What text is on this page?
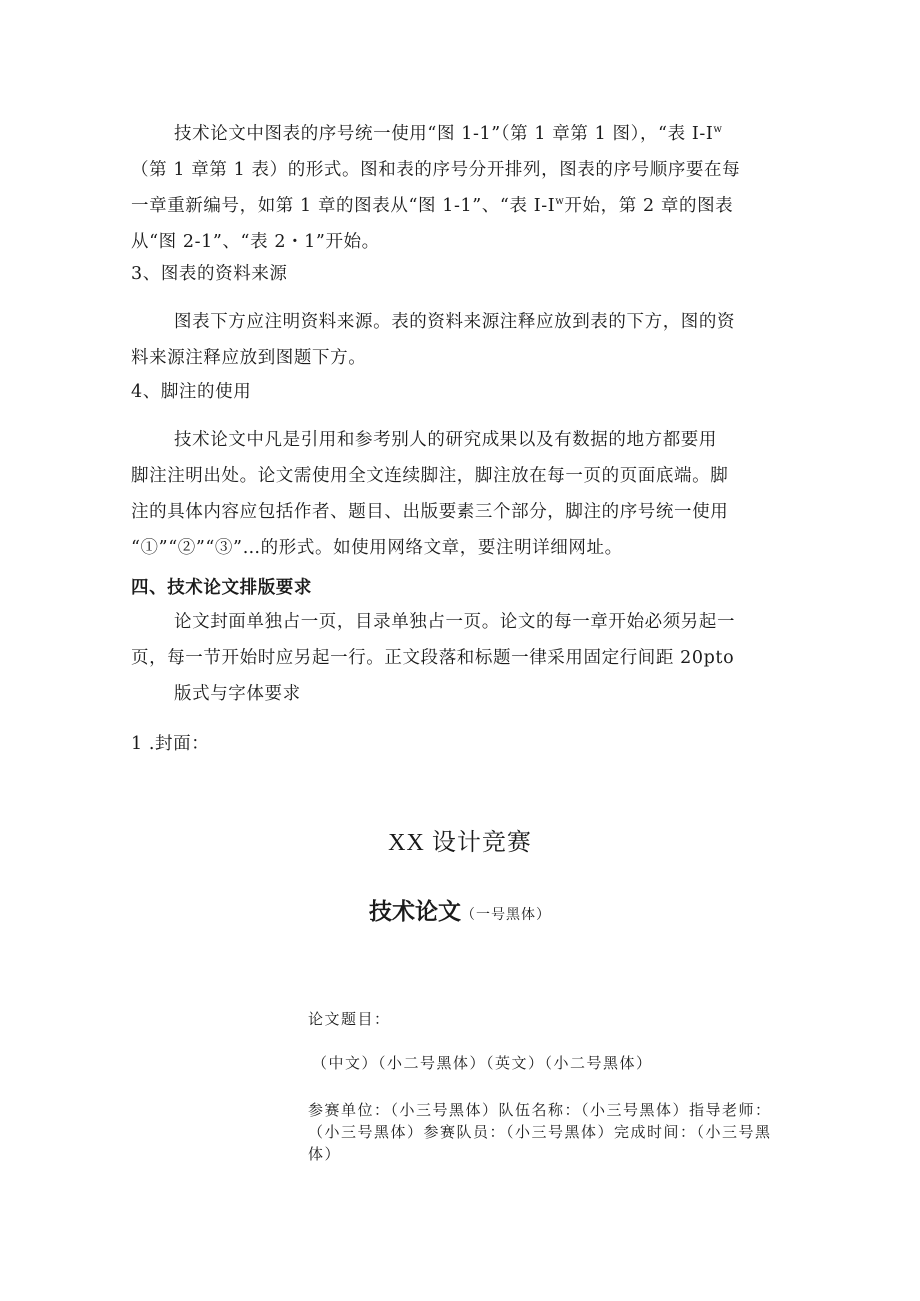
技术论文中图表的序号统一使用“图 1-1”（第 1 章第 1 图），“表 $I-I^w$
（第 1 章第 1 表）的形式。图和表的序号分开排列，图表的序号顺序要在每
一章重新编号，如第 1 章的图表从“图 1-1”、“表 $I-I^w$开始，第 2 章的图表
从“图 2-1”、“表 2・1”开始。
3、图表的资料来源
图表下方应注明资料来源。表的资料来源注释应放到表的下方，图的资
料来源注释应放到图题下方。
4、脚注的使用
技术论文中凡是引用和参考别人的研究成果以及有数据的地方都要用
脚注注明出处。论文需使用全文连续脚注，脚注放在每一页的页面底端。脚
注的具体内容应包括作者、题目、出版要素三个部分，脚注的序号统一使用
“①”“②”“③”…的形式。如使用网络文章，要注明详细网址。
四、技术论文排版要求
论文封面单独占一页，目录单独占一页。论文的每一章开始必须另起一
页，每一节开始时应另起一行。正文段落和标题一律采用固定行间距 20pto
版式与字体要求
1 .封面：
XX 设计竞赛
技术论文（一号黑体）
论文题目：
（中文）（小二号黑体）（英文）（小二号黑体）
参赛单位：（小三号黑体）队伍名称：（小三号黑体）指导老师：
（小三号黑体）参赛队员：（小三号黑体）完成时间：（小三号黑
体）
